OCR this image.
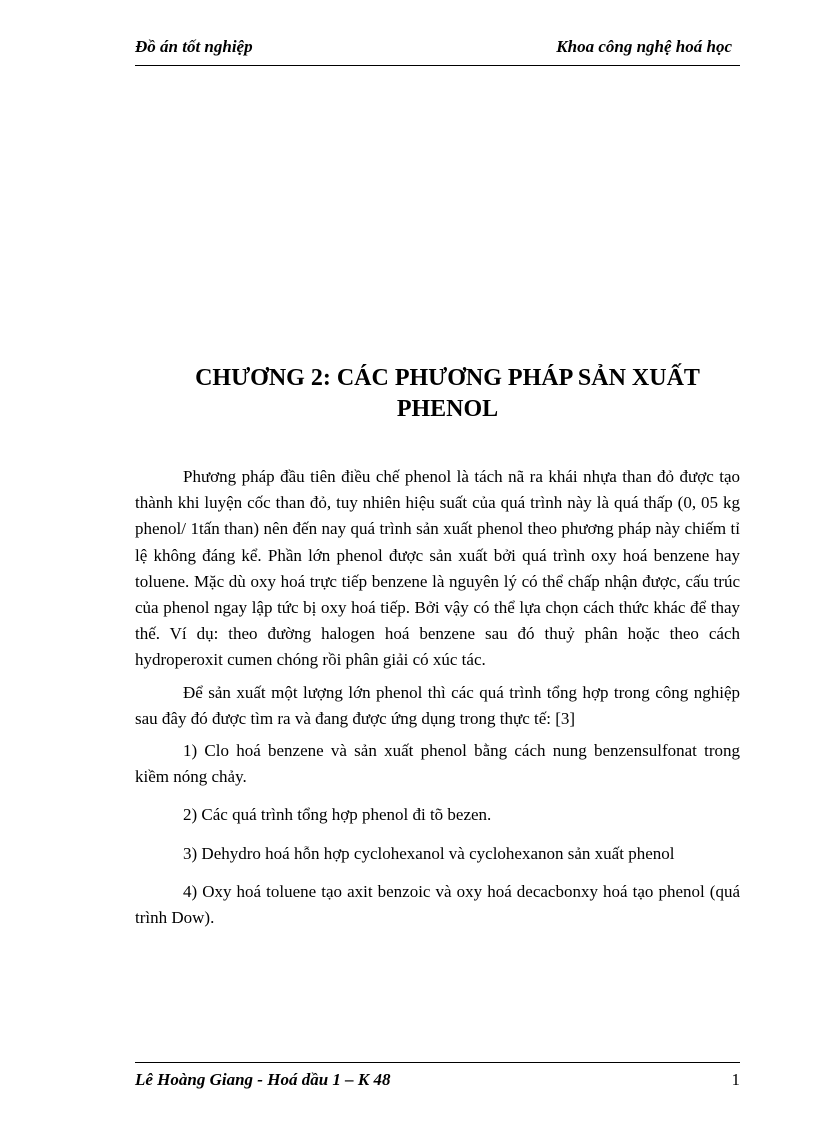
Đồ án tốt nghiệp	Khoa công nghệ hoá học
CHƯƠNG 2: CÁC PHƯƠNG PHÁP SẢN XUẤT
PHENOL

Phương pháp đầu tiên điều chế phenol là tách nã ra khái nhựa than đỏ được tạo thành khi luyện cốc than đỏ, tuy nhiên hiệu suất của quá trình này là quá thấp (0, 05 kg phenol/ 1tấn than) nên đến nay quá trình sản xuất phenol theo phương pháp này chiếm tỉ lệ không đáng kể. Phần lớn phenol được sản xuất bởi quá trình oxy hoá benzene hay toluene. Mặc dù oxy hoá trực tiếp benzene là nguyên lý có thể chấp nhận được, cấu trúc của phenol ngay lập tức bị oxy hoá tiếp. Bởi vậy có thể lựa chọn cách thức khác để thay thế. Ví dụ: theo đường halogen hoá benzene sau đó thuỷ phân hoặc theo cách hydroperoxit cumen chóng rồi phân giải có xúc tác.

Để sản xuất một lượng lớn phenol thì các quá trình tổng hợp trong công nghiệp sau đây đó được tìm ra và đang được ứng dụng trong thực tế: [3]

1) Clo hoá benzene và sản xuất phenol bằng cách nung benzensulfonat trong kiềm nóng chảy.

2) Các quá trình tổng hợp phenol đi tõ bezen.

3) Dehydro hoá hỗn hợp cyclohexanol và cyclohexanon sản xuất phenol

4) Oxy hoá toluene tạo axit benzoic và oxy hoá decacbonxy hoá tạo phenol (quá trình Dow).

Lê Hoàng Giang - Hoá dầu 1 – K 48	1
